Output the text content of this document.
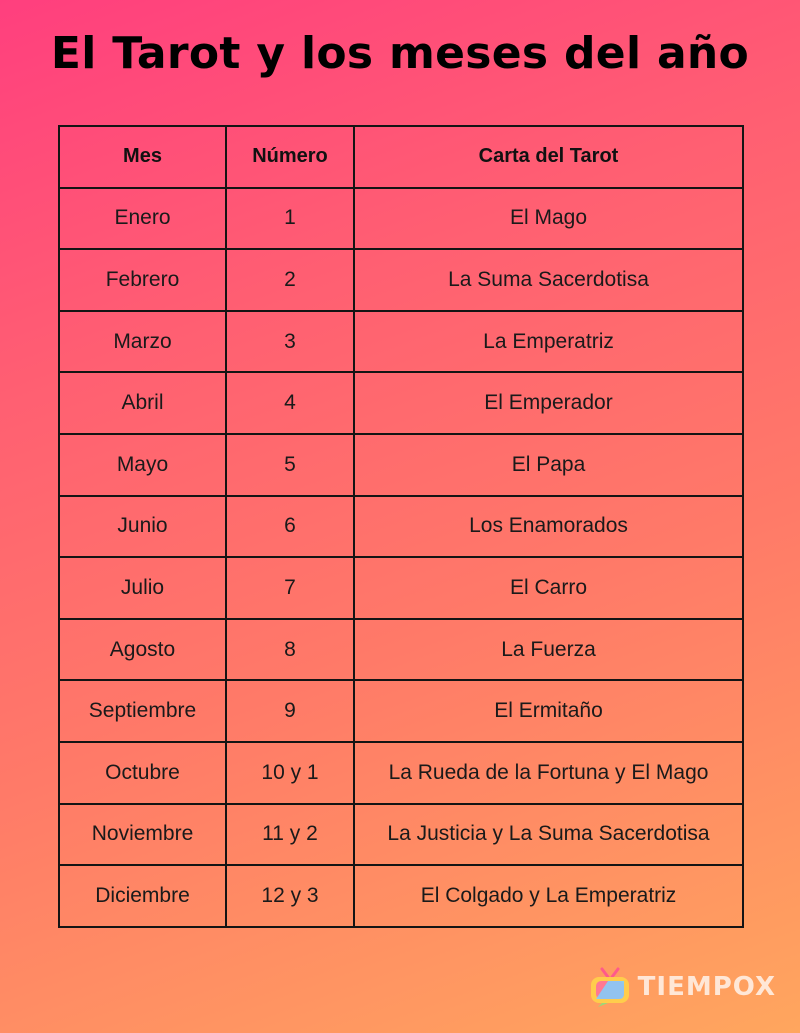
El Tarot y los meses del año
Mes	Número	Carta del Tarot
Enero	1	El Mago
Febrero	2	La Suma Sacerdotisa
Marzo	3	La Emperatriz
Abril	4	El Emperador
Mayo	5	El Papa
Junio	6	Los Enamorados
Julio	7	El Carro
Agosto	8	La Fuerza
Septiembre	9	El Ermitaño
Octubre	10 y 1	La Rueda de la Fortuna y El Mago
Noviembre	11 y 2	La Justicia y La Suma Sacerdotisa
Diciembre	12 y 3	El Colgado y La Emperatriz
TIEMPOX
